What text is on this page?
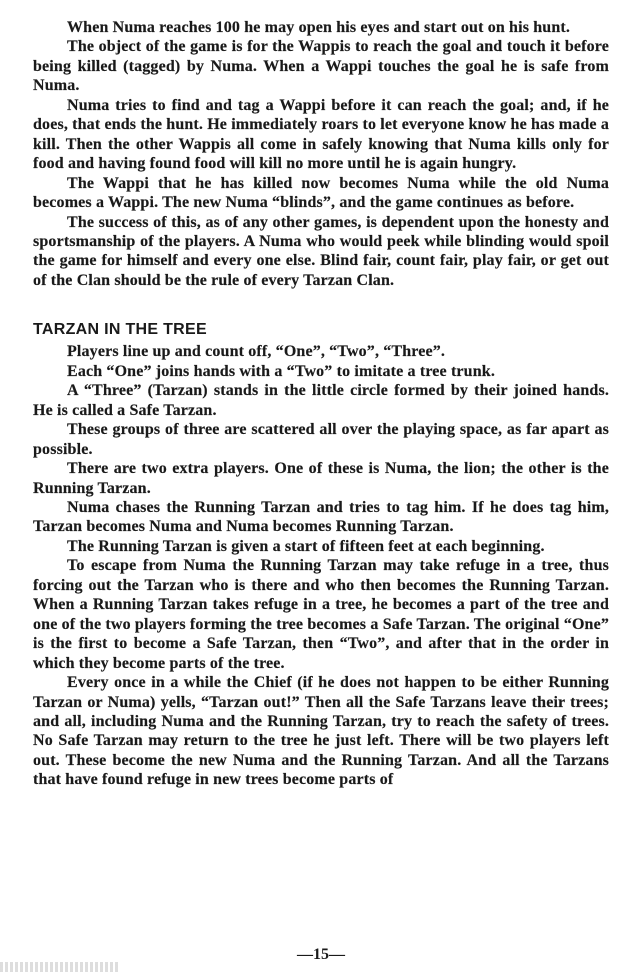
When Numa reaches 100 he may open his eyes and start out on his hunt.

The object of the game is for the Wappis to reach the goal and touch it before being killed (tagged) by Numa. When a Wappi touches the goal he is safe from Numa.

Numa tries to find and tag a Wappi before it can reach the goal; and, if he does, that ends the hunt. He immediately roars to let everyone know he has made a kill. Then the other Wappis all come in safely knowing that Numa kills only for food and having found food will kill no more until he is again hungry.

The Wappi that he has killed now becomes Numa while the old Numa becomes a Wappi. The new Numa “blinds”, and the game continues as before.

The success of this, as of any other games, is dependent upon the honesty and sportsmanship of the players. A Numa who would peek while blinding would spoil the game for himself and every one else. Blind fair, count fair, play fair, or get out of the Clan should be the rule of every Tarzan Clan.

TARZAN IN THE TREE

Players line up and count off, “One”, “Two”, “Three”.

Each “One” joins hands with a “Two” to imitate a tree trunk.

A “Three” (Tarzan) stands in the little circle formed by their joined hands. He is called a Safe Tarzan.

These groups of three are scattered all over the playing space, as far apart as possible.

There are two extra players. One of these is Numa, the lion; the other is the Running Tarzan.

Numa chases the Running Tarzan and tries to tag him. If he does tag him, Tarzan becomes Numa and Numa becomes Running Tarzan.

The Running Tarzan is given a start of fifteen feet at each beginning.

To escape from Numa the Running Tarzan may take refuge in a tree, thus forcing out the Tarzan who is there and who then becomes the Running Tarzan. When a Running Tarzan takes refuge in a tree, he becomes a part of the tree and one of the two players forming the tree becomes a Safe Tarzan. The original “One” is the first to become a Safe Tarzan, then “Two”, and after that in the order in which they become parts of the tree.

Every once in a while the Chief (if he does not happen to be either Running Tarzan or Numa) yells, “Tarzan out!” Then all the Safe Tarzans leave their trees; and all, including Numa and the Running Tarzan, try to reach the safety of trees. No Safe Tarzan may return to the tree he just left. There will be two players left out. These become the new Numa and the Running Tarzan. And all the Tarzans that have found refuge in new trees become parts of

—15—
